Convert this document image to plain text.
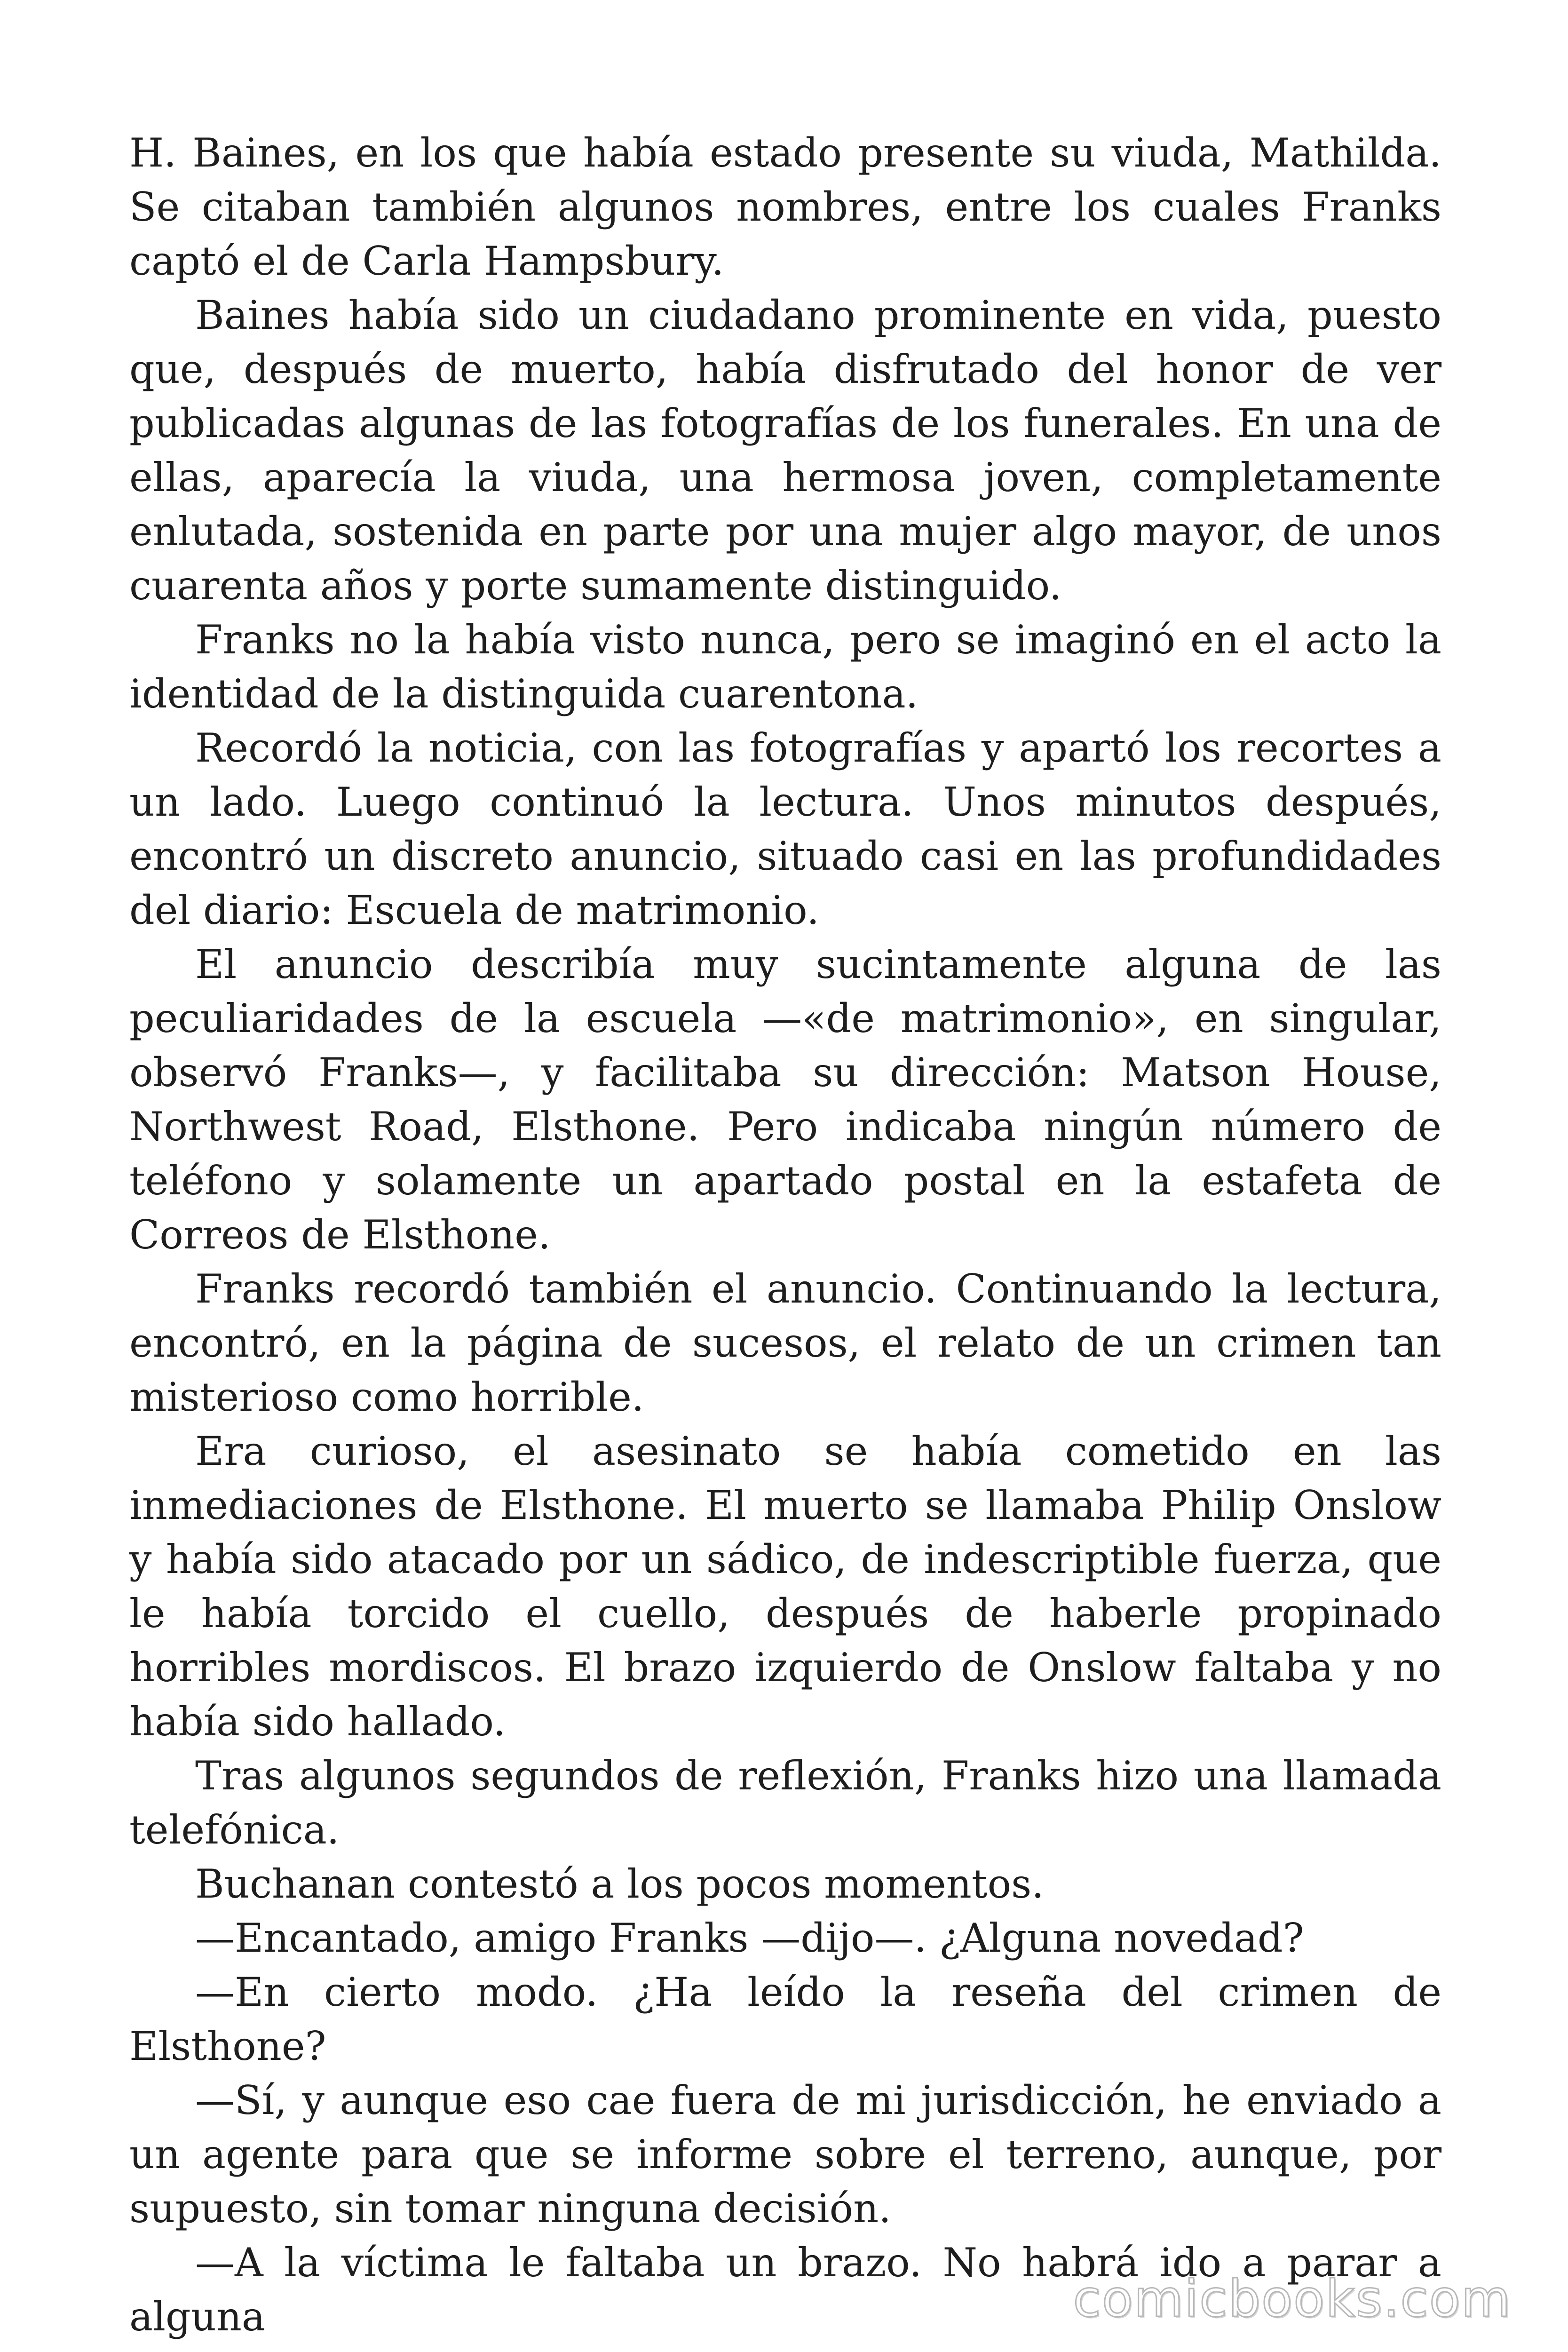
H. Baines, en los que había estado presente su viuda, Mathilda. Se citaban también algunos nombres, entre los cuales Franks captó el de Carla Hampsbury.

Baines había sido un ciudadano prominente en vida, puesto que, después de muerto, había disfrutado del honor de ver publicadas algunas de las fotografías de los funerales. En una de ellas, aparecía la viuda, una hermosa joven, completamente enlutada, sostenida en parte por una mujer algo mayor, de unos cuarenta años y porte sumamente distinguido.

Franks no la había visto nunca, pero se imaginó en el acto la identidad de la distinguida cuarentona.

Recordó la noticia, con las fotografías y apartó los recortes a un lado. Luego continuó la lectura. Unos minutos después, encontró un discreto anuncio, situado casi en las profundidades del diario: Escuela de matrimonio.

El anuncio describía muy sucintamente alguna de las peculiaridades de la escuela —«de matrimonio», en singular, observó Franks—, y facilitaba su dirección: Matson House, Northwest Road, Elsthone. Pero indicaba ningún número de teléfono y solamente un apartado postal en la estafeta de Correos de Elsthone.

Franks recordó también el anuncio. Continuando la lectura, encontró, en la página de sucesos, el relato de un crimen tan misterioso como horrible.

Era curioso, el asesinato se había cometido en las inmediaciones de Elsthone. El muerto se llamaba Philip Onslow y había sido atacado por un sádico, de indescriptible fuerza, que le había torcido el cuello, después de haberle propinado horribles mordiscos. El brazo izquierdo de Onslow faltaba y no había sido hallado.

Tras algunos segundos de reflexión, Franks hizo una llamada telefónica.

Buchanan contestó a los pocos momentos.

—Encantado, amigo Franks —dijo—. ¿Alguna novedad?

—En cierto modo. ¿Ha leído la reseña del crimen de Elsthone?

—Sí, y aunque eso cae fuera de mi jurisdicción, he enviado a un agente para que se informe sobre el terreno, aunque, por supuesto, sin tomar ninguna decisión.

—A la víctima le faltaba un brazo. No habrá ido a parar a alguna	comicbooks.com
